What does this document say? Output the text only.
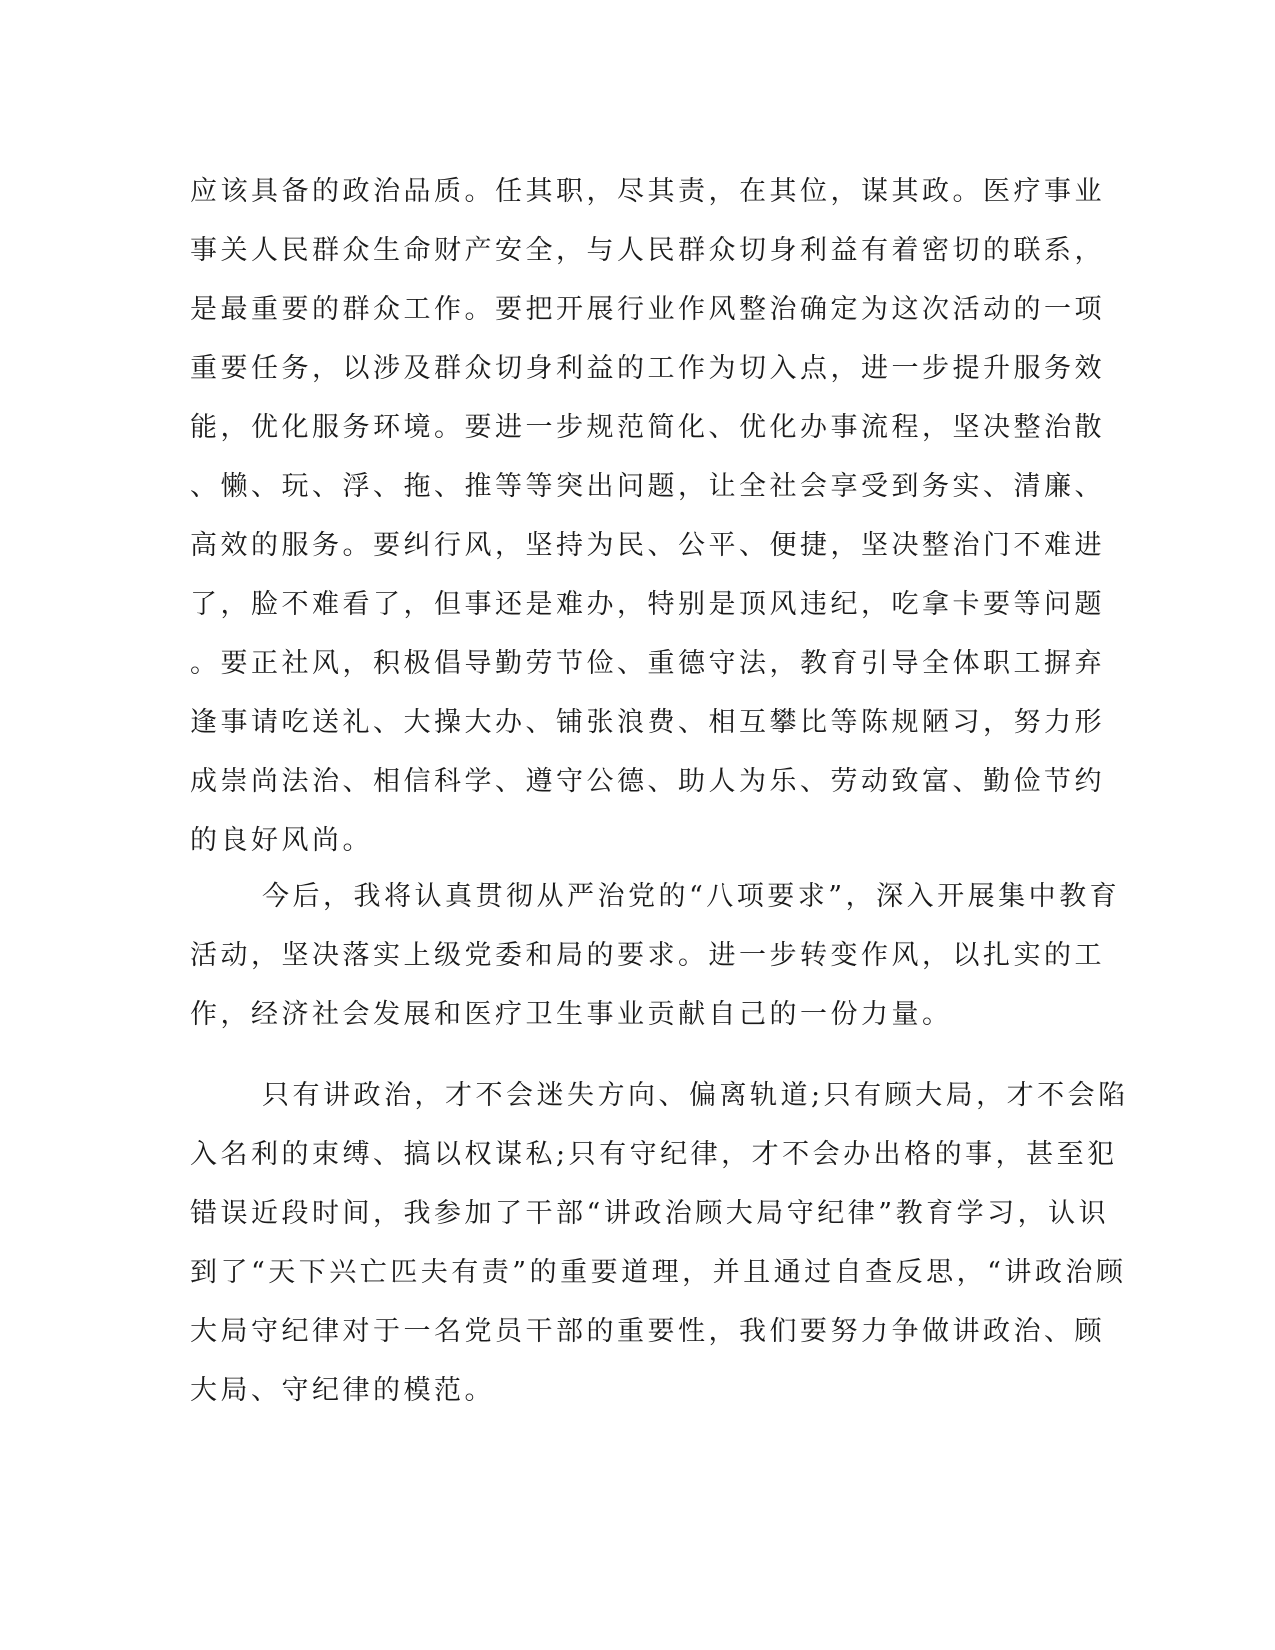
应该具备的政治品质。任其职，尽其责，在其位，谋其政。医疗事业
事关人民群众生命财产安全，与人民群众切身利益有着密切的联系，
是最重要的群众工作。要把开展行业作风整治确定为这次活动的一项
重要任务，以涉及群众切身利益的工作为切入点，进一步提升服务效
能，优化服务环境。要进一步规范简化、优化办事流程，坚决整治散
、懒、玩、浮、拖、推等等突出问题，让全社会享受到务实、清廉、
高效的服务。要纠行风，坚持为民、公平、便捷，坚决整治门不难进
了，脸不难看了，但事还是难办，特别是顶风违纪，吃拿卡要等问题
。要正社风，积极倡导勤劳节俭、重德守法，教育引导全体职工摒弃
逢事请吃送礼、大操大办、铺张浪费、相互攀比等陈规陋习，努力形
成崇尚法治、相信科学、遵守公德、助人为乐、劳动致富、勤俭节约
的良好风尚。
今后，我将认真贯彻从严治党的“八项要求”，深入开展集中教育
活动，坚决落实上级党委和局的要求。进一步转变作风，以扎实的工
作，经济社会发展和医疗卫生事业贡献自己的一份力量。
只有讲政治，才不会迷失方向、偏离轨道;只有顾大局，才不会陷
入名利的束缚、搞以权谋私;只有守纪律，才不会办出格的事，甚至犯
错误近段时间，我参加了干部“讲政治顾大局守纪律”教育学习，认识
到了“天下兴亡匹夫有责”的重要道理，并且通过自查反思，“讲政治顾
大局守纪律对于一名党员干部的重要性，我们要努力争做讲政治、顾
大局、守纪律的模范。
